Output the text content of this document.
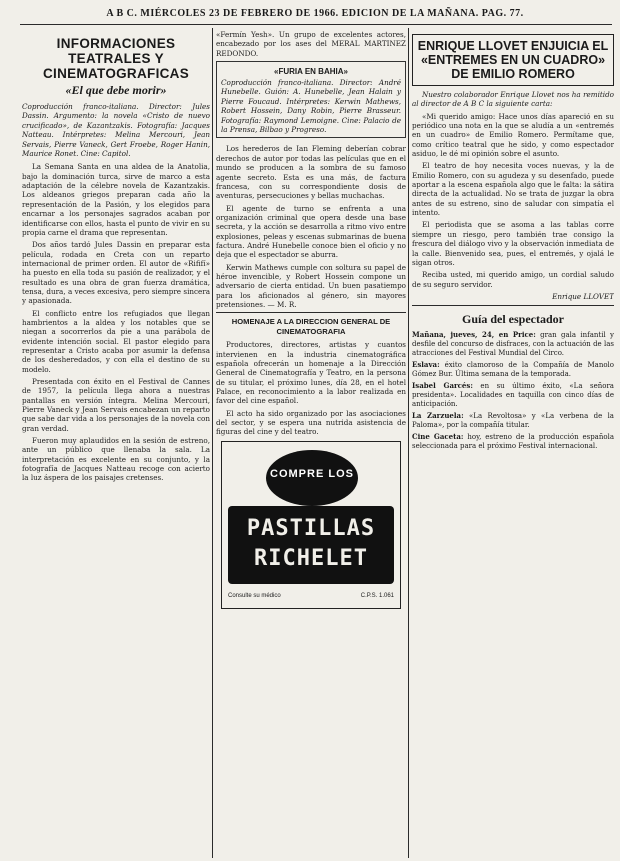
A B C. MIÉRCOLES 23 DE FEBRERO DE 1966. EDICION DE LA MAÑANA. PAG. 77.
INFORMACIONES TEATRALES Y CINEMATOGRAFICAS
«El que debe morir»

Coproducción franco-italiana. Director: Jules Dassin. Argumento: la novela «Cristo de nuevo crucificado», de Kazantzakis. Fotografía: Jacques Natteau. Intérpretes: Melina Mercouri, Jean Servais, Pierre Vaneck, Gert Froebe, Roger Hanin, Maurice Ronet. Cine: Capitol.

La Semana Santa en una aldea de la Anatolia, bajo la dominación turca, sirve de marco a esta adaptación de la célebre novela de Kazantzakis. Los aldeanos griegos preparan cada año la representación de la Pasión, y los elegidos para encarnar a los personajes sagrados acaban por identificarse con ellos, hasta el punto de vivir en su propia carne el drama que representan.

Dos años tardó Jules Dassin en preparar esta película, rodada en Creta con un reparto internacional de primer orden. El autor de «Rififí» ha puesto en ella toda su pasión de realizador, y el resultado es una obra de gran fuerza dramática, tensa, dura, a veces excesiva, pero siempre sincera y apasionada.

El conflicto entre los refugiados que llegan hambrientos a la aldea y los notables que se niegan a socorrerlos da pie a una parábola de evidente intención social. El pastor elegido para representar a Cristo acaba por asumir la defensa de los desheredados, y con ella el destino de su modelo.

Presentada con éxito en el Festival de Cannes de 1957, la película llega ahora a nuestras pantallas en versión íntegra. Melina Mercouri, Pierre Vaneck y Jean Servais encabezan un reparto que sabe dar vida a los personajes de la novela con gran verdad.

Fueron muy aplaudidos en la sesión de estreno, ante un público que llenaba la sala. La interpretación es excelente en su conjunto, y la fotografía de Jacques Natteau recoge con acierto la luz áspera de los paisajes cretenses.

«Fermín Yesh». Un grupo de excelentes actores, encabezado por los ases del MERAL MARTINEZ REDONDO.

«FURIA EN BAHIA»

Coproducción franco-italiana. Director: André Hunebelle. Guión: A. Hunebelle, Jean Halain y Pierre Foucaud. Intérpretes: Kerwin Mathews, Robert Hossein, Dany Robin, Pierre Brasseur. Fotografía: Raymond Lemoigne. Cine: Palacio de la Prensa, Bilbao y Progreso.

Los herederos de Ian Fleming deberían cobrar derechos de autor por todas las películas que en el mundo se producen a la sombra de su famoso agente secreto. Esta es una más, de factura francesa, con su correspondiente dosis de aventuras, persecuciones y bellas muchachas.

El agente de turno se enfrenta a una organización criminal que opera desde una base secreta, y la acción se desarrolla a ritmo vivo entre explosiones, peleas y escenas submarinas de buena factura. André Hunebelle conoce bien el oficio y no deja que el espectador se aburra.

Kerwin Mathews cumple con soltura su papel de héroe invencible, y Robert Hossein compone un adversario de cierta entidad. Un buen pasatiempo para los aficionados al género, sin mayores pretensiones. — M. R.

HOMENAJE A LA DIRECCION GENERAL DE CINEMATOGRAFIA

Productores, directores, artistas y cuantos intervienen en la industria cinematográfica española ofrecerán un homenaje a la Dirección General de Cinematografía y Teatro, en la persona de su titular, el próximo lunes, día 28, en el hotel Palace, en reconocimiento a la labor realizada en favor del cine español.

El acto ha sido organizado por las asociaciones del sector, y se espera una nutrida asistencia de figuras del cine y del teatro.

COMPRE LOS
PASTILLAS
RICHELET
Consulte su médico	C.P.S. 1.061
ENRIQUE LLOVET ENJUICIA EL «ENTREMES EN UN CUADRO» DE EMILIO ROMERO

Nuestro colaborador Enrique Llovet nos ha remitido al director de A B C la siguiente carta:

«Mi querido amigo: Hace unos días apareció en su periódico una nota en la que se aludía a un «entremés en un cuadro» de Emilio Romero. Permítame que, como crítico teatral que he sido, y como espectador asiduo, le dé mi opinión sobre el asunto.

El teatro de hoy necesita voces nuevas, y la de Emilio Romero, con su agudeza y su desenfado, puede aportar a la escena española algo que le falta: la sátira directa de la actualidad. No se trata de juzgar la obra antes de su estreno, sino de saludar con simpatía el intento.

El periodista que se asoma a las tablas corre siempre un riesgo, pero también trae consigo la frescura del diálogo vivo y la observación inmediata de la calle. Bienvenido sea, pues, el entremés, y ojalá le sigan otros.

Reciba usted, mi querido amigo, un cordial saludo de su seguro servidor.

Enrique LLOVET
Guía del espectador

Mañana, jueves, 24, en Price: gran gala infantil y desfile del concurso de disfraces, con la actuación de las atracciones del Festival Mundial del Circo.

Eslava: éxito clamoroso de la Compañía de Manolo Gómez Bur. Última semana de la temporada.

Isabel Garcés: en su último éxito, «La señora presidenta». Localidades en taquilla con cinco días de anticipación.

La Zarzuela: «La Revoltosa» y «La verbena de la Paloma», por la compañía titular.

Cine Gaceta: hoy, estreno de la producción española seleccionada para el próximo Festival internacional.
